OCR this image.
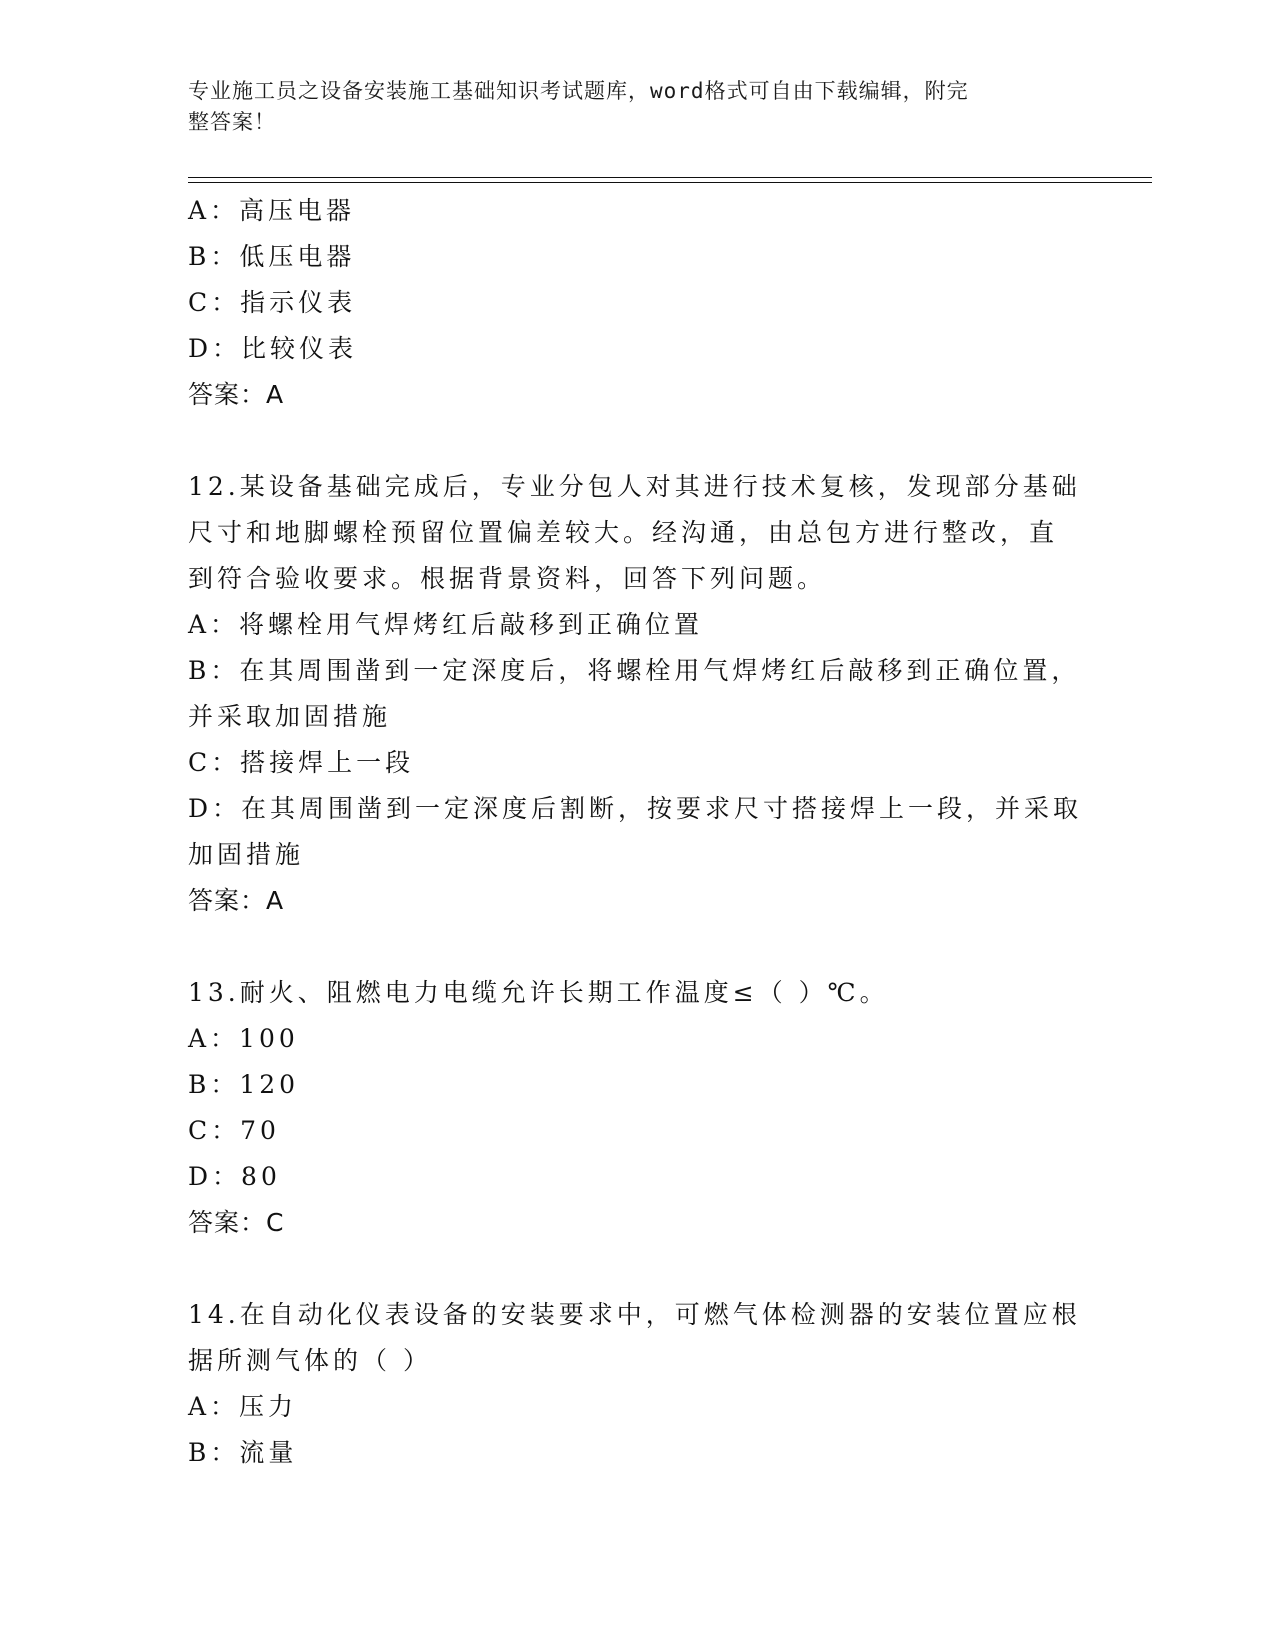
专业施工员之设备安装施工基础知识考试题库，word格式可自由下载编辑，附完
整答案！
A：高压电器
B：低压电器
C：指示仪表
D：比较仪表
答案：A
12.某设备基础完成后，专业分包人对其进行技术复核，发现部分基础
尺寸和地脚螺栓预留位置偏差较大。经沟通，由总包方进行整改，直
到符合验收要求。根据背景资料，回答下列问题。
A：将螺栓用气焊烤红后敲移到正确位置
B：在其周围凿到一定深度后，将螺栓用气焊烤红后敲移到正确位置，
并采取加固措施
C：搭接焊上一段
D：在其周围凿到一定深度后割断，按要求尺寸搭接焊上一段，并采取
加固措施
答案：A
13.耐火、阻燃电力电缆允许长期工作温度≤（ ）℃。
A：100
B：120
C：70
D：80
答案：C
14.在自动化仪表设备的安装要求中，可燃气体检测器的安装位置应根
据所测气体的（ ）
A：压力
B：流量
